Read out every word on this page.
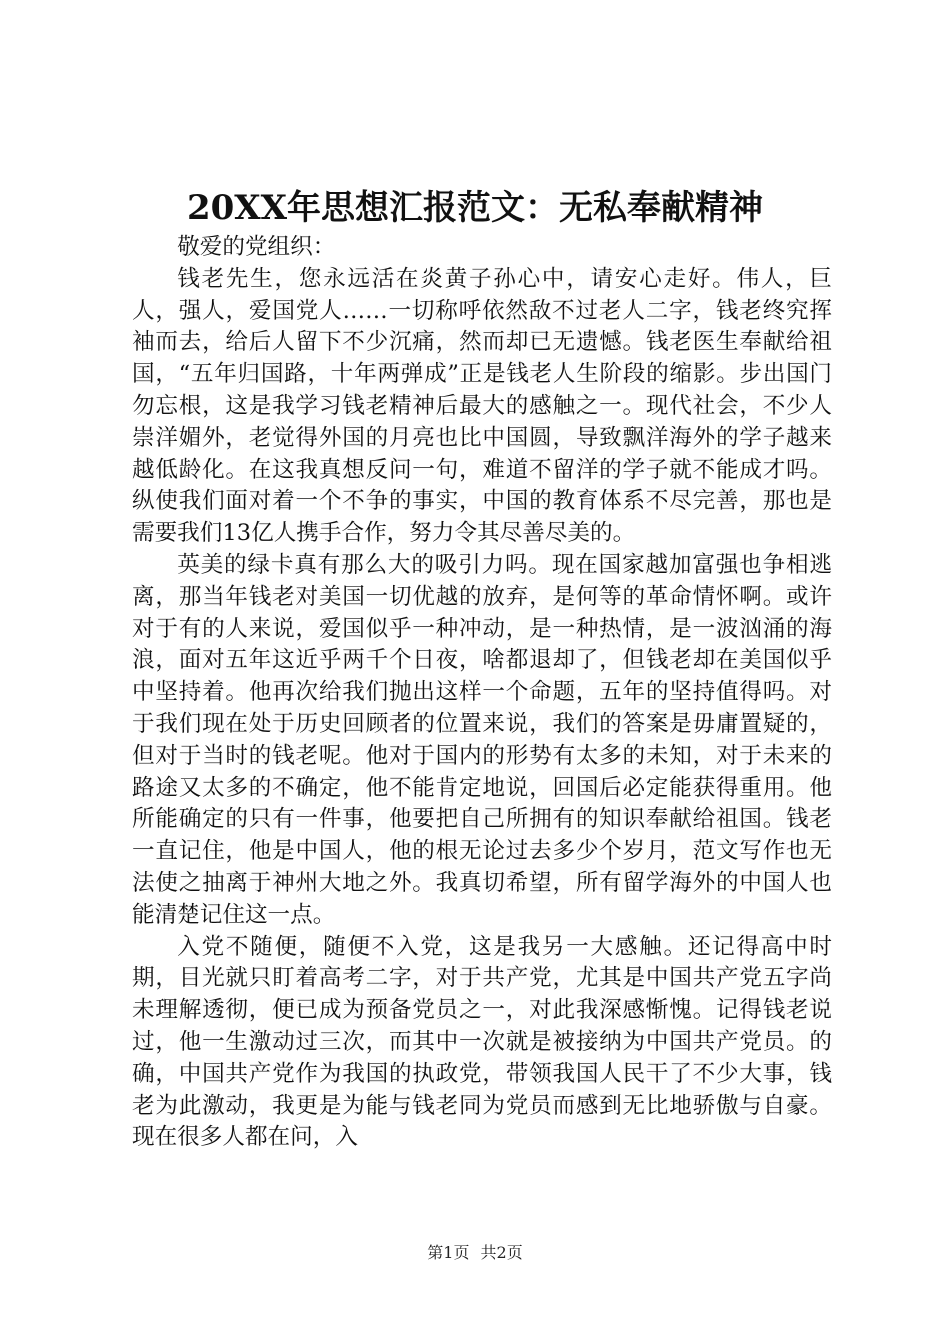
20XX年思想汇报范文：无私奉献精神

敬爱的党组织：

钱老先生，您永远活在炎黄子孙心中，请安心走好。伟人，巨人，强人，爱国党人……一切称呼依然敌不过老人二字，钱老终究挥袖而去，给后人留下不少沉痛，然而却已无遗憾。钱老医生奉献给祖国，“五年归国路，十年两弹成”正是钱老人生阶段的缩影。步出国门勿忘根，这是我学习钱老精神后最大的感触之一。现代社会，不少人崇洋媚外，老觉得外国的月亮也比中国圆，导致飘洋海外的学子越来越低龄化。在这我真想反问一句，难道不留洋的学子就不能成才吗。纵使我们面对着一个不争的事实，中国的教育体系不尽完善，那也是需要我们13亿人携手合作，努力令其尽善尽美的。

英美的绿卡真有那么大的吸引力吗。现在国家越加富强也争相逃离，那当年钱老对美国一切优越的放弃，是何等的革命情怀啊。或许对于有的人来说，爱国似乎一种冲动，是一种热情，是一波汹涌的海浪，面对五年这近乎两千个日夜，啥都退却了，但钱老却在美国似乎中坚持着。他再次给我们抛出这样一个命题，五年的坚持值得吗。对于我们现在处于历史回顾者的位置来说，我们的答案是毋庸置疑的，但对于当时的钱老呢。他对于国内的形势有太多的未知，对于未来的路途又太多的不确定，他不能肯定地说，回国后必定能获得重用。他所能确定的只有一件事，他要把自己所拥有的知识奉献给祖国。钱老一直记住，他是中国人，他的根无论过去多少个岁月，范文写作也无法使之抽离于神州大地之外。我真切希望，所有留学海外的中国人也能清楚记住这一点。

入党不随便，随便不入党，这是我另一大感触。还记得高中时期，目光就只盯着高考二字，对于共产党，尤其是中国共产党五字尚未理解透彻，便已成为预备党员之一，对此我深感惭愧。记得钱老说过，他一生激动过三次，而其中一次就是被接纳为中国共产党员。的确，中国共产党作为我国的执政党，带领我国人民干了不少大事，钱老为此激动，我更是为能与钱老同为党员而感到无比地骄傲与自豪。现在很多人都在问，入

第1页 共2页
